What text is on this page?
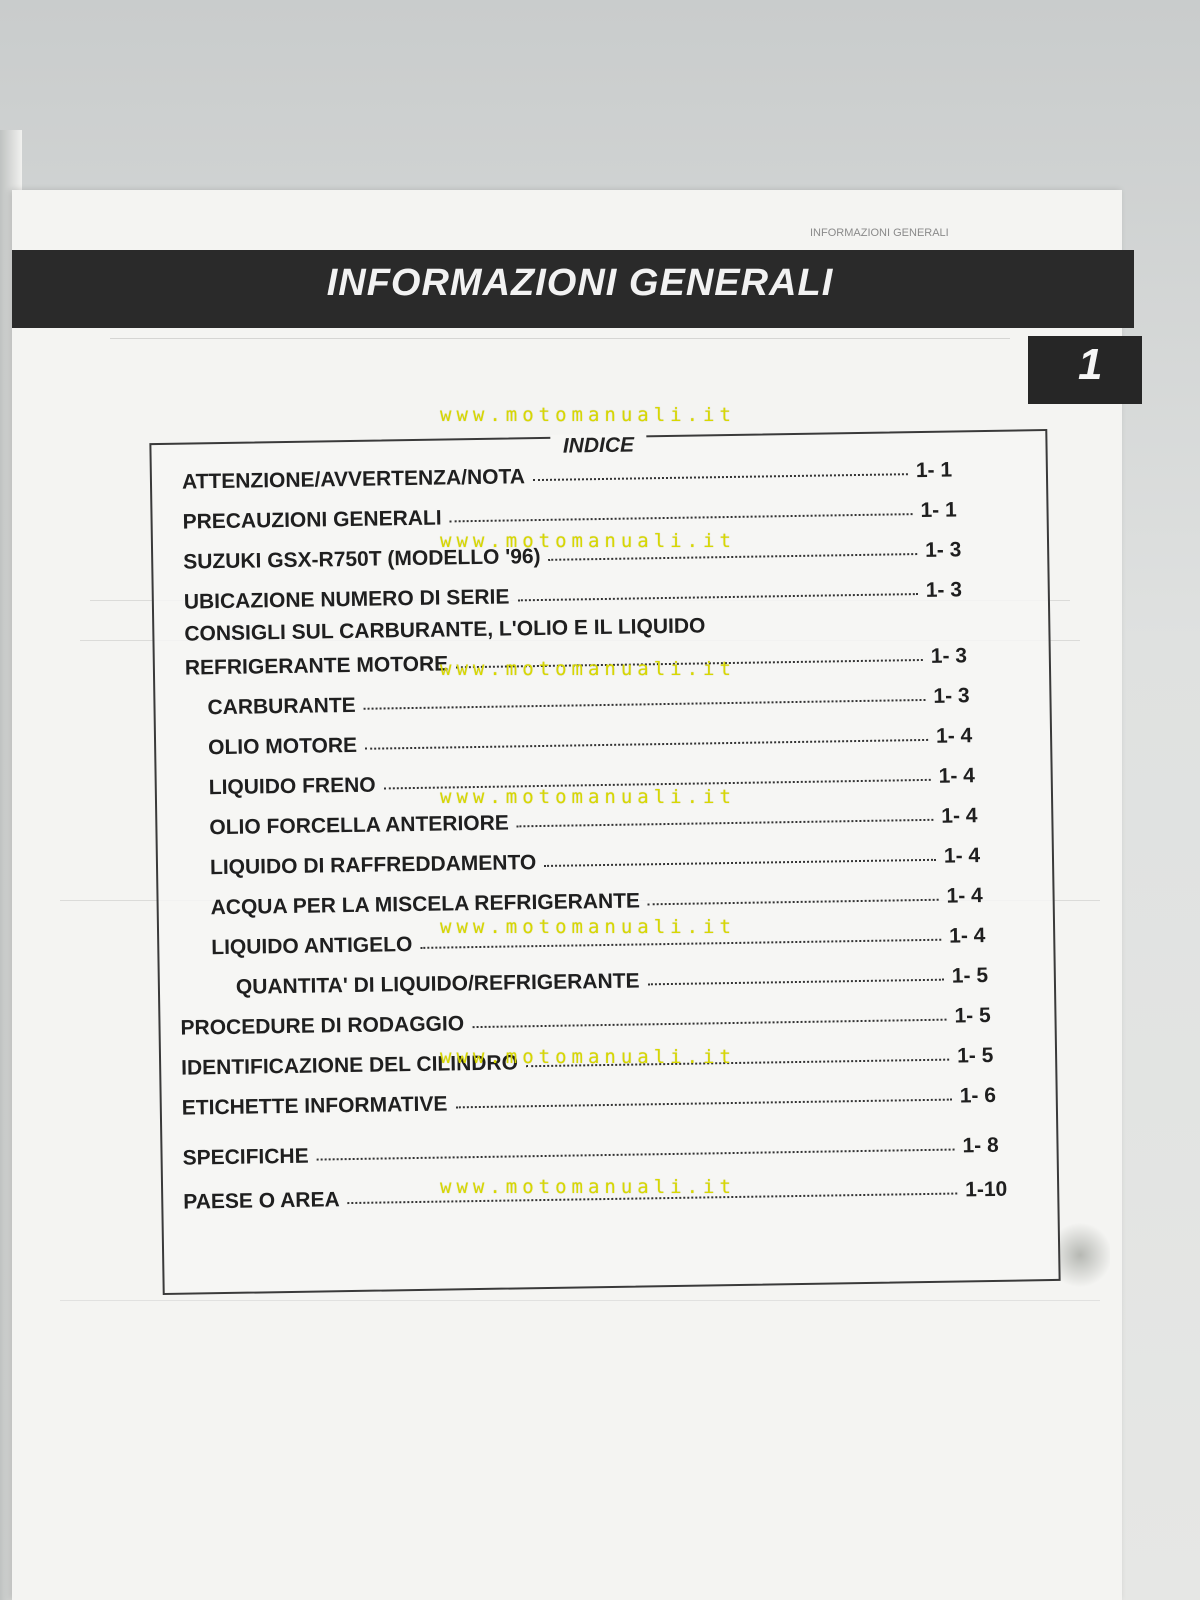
INFORMAZIONI GENERALI
INFORMAZIONI GENERALI
1
INDICE
ATTENZIONE/AVVERTENZA/NOTA	1- 1
PRECAUZIONI GENERALI	1- 1
SUZUKI GSX-R750T (MODELLO '96)	1- 3
UBICAZIONE NUMERO DI SERIE	1- 3
CONSIGLI SUL CARBURANTE, L'OLIO E IL LIQUIDO
REFRIGERANTE MOTORE	1- 3
CARBURANTE	1- 3
OLIO MOTORE	1- 4
LIQUIDO FRENO	1- 4
OLIO FORCELLA ANTERIORE	1- 4
LIQUIDO DI RAFFREDDAMENTO	1- 4
ACQUA PER LA MISCELA REFRIGERANTE	1- 4
LIQUIDO ANTIGELO	1- 4
QUANTITA' DI LIQUIDO/REFRIGERANTE	1- 5
PROCEDURE DI RODAGGIO	1- 5
IDENTIFICAZIONE DEL CILINDRO	1- 5
ETICHETTE INFORMATIVE	1- 6
SPECIFICHE	1- 8
PAESE O AREA	1-10
www.motomanuali.it
www.motomanuali.it
www.motomanuali.it
www.motomanuali.it
www.motomanuali.it
www.motomanuali.it
www.motomanuali.it
